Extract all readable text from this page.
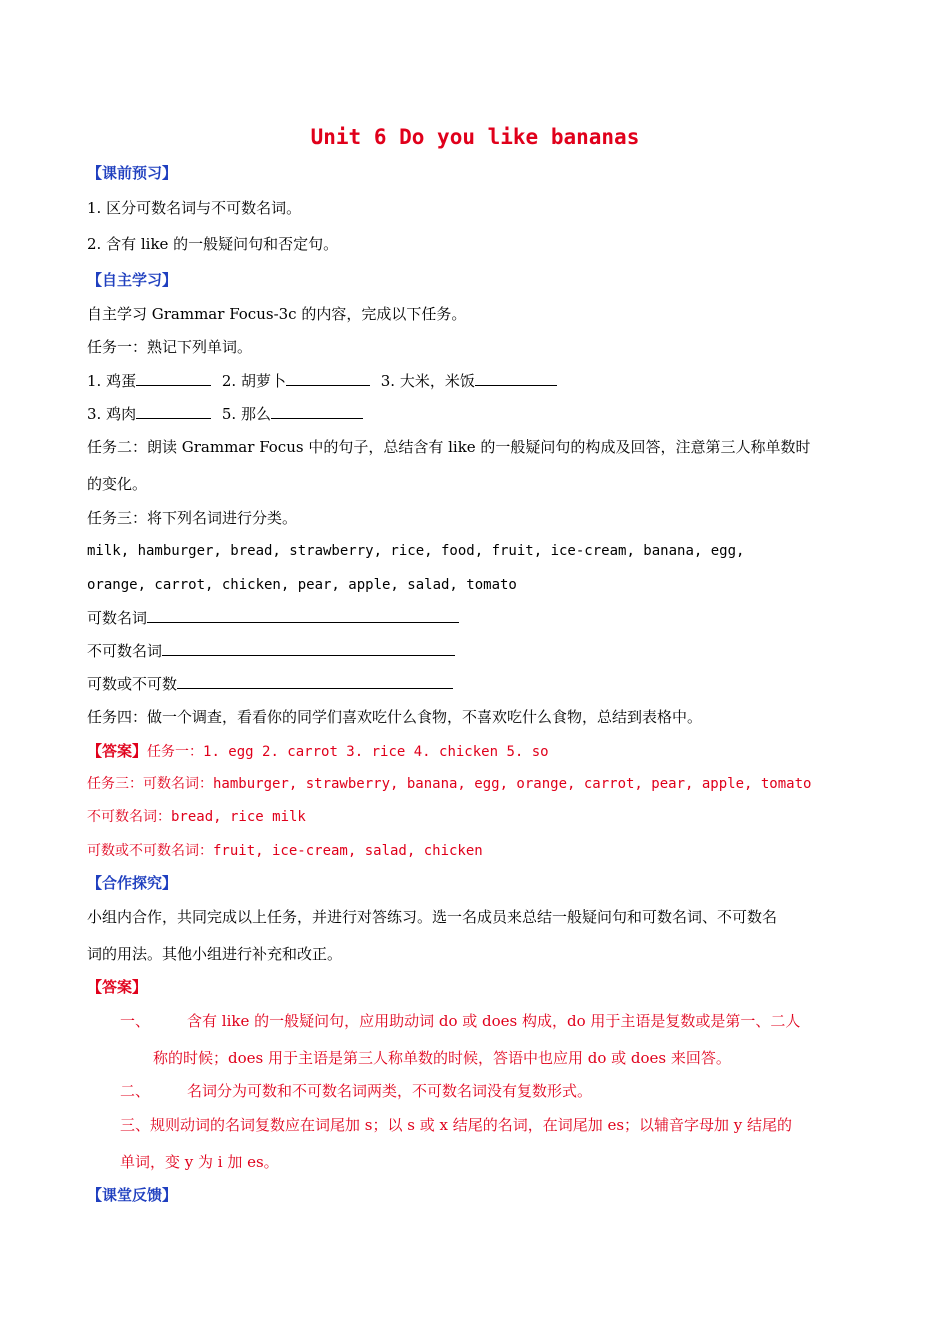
Unit 6 Do you like bananas
【课前预习】
1. 区分可数名词与不可数名词。
2. 含有 like 的一般疑问句和否定句。
【自主学习】
自主学习 Grammar Focus-3c 的内容，完成以下任务。
任务一：熟记下列单词。
1. 鸡蛋	2. 胡萝卜	3. 大米，米饭
3. 鸡肉	5. 那么
任务二：朗读 Grammar Focus 中的句子，总结含有 like 的一般疑问句的构成及回答，注意第三人称单数时
的变化。
任务三：将下列名词进行分类。
milk, hamburger, bread, strawberry, rice, food, fruit, ice-cream, banana, egg,
orange, carrot, chicken, pear, apple, salad, tomato
可数名词
不可数名词
可数或不可数
任务四：做一个调查，看看你的同学们喜欢吃什么食物，不喜欢吃什么食物，总结到表格中。
【答案】任务一：1. egg 2. carrot 3. rice 4. chicken 5. so
任务三：可数名词：hamburger, strawberry, banana, egg, orange, carrot, pear, apple, tomato
不可数名词：bread, rice milk
可数或不可数名词：fruit, ice-cream, salad, chicken
【合作探究】
小组内合作，共同完成以上任务，并进行对答练习。选一名成员来总结一般疑问句和可数名词、不可数名
词的用法。其他小组进行补充和改正。
【答案】
一、 含有 like 的一般疑问句，应用助动词 do 或 does 构成，do 用于主语是复数或是第一、二人
称的时候；does 用于主语是第三人称单数的时候，答语中也应用 do 或 does 来回答。
二、 名词分为可数和不可数名词两类，不可数名词没有复数形式。
三、规则动词的名词复数应在词尾加 s；以 s 或 x 结尾的名词，在词尾加 es；以辅音字母加 y 结尾的
单词，变 y 为 i 加 es。
【课堂反馈】
